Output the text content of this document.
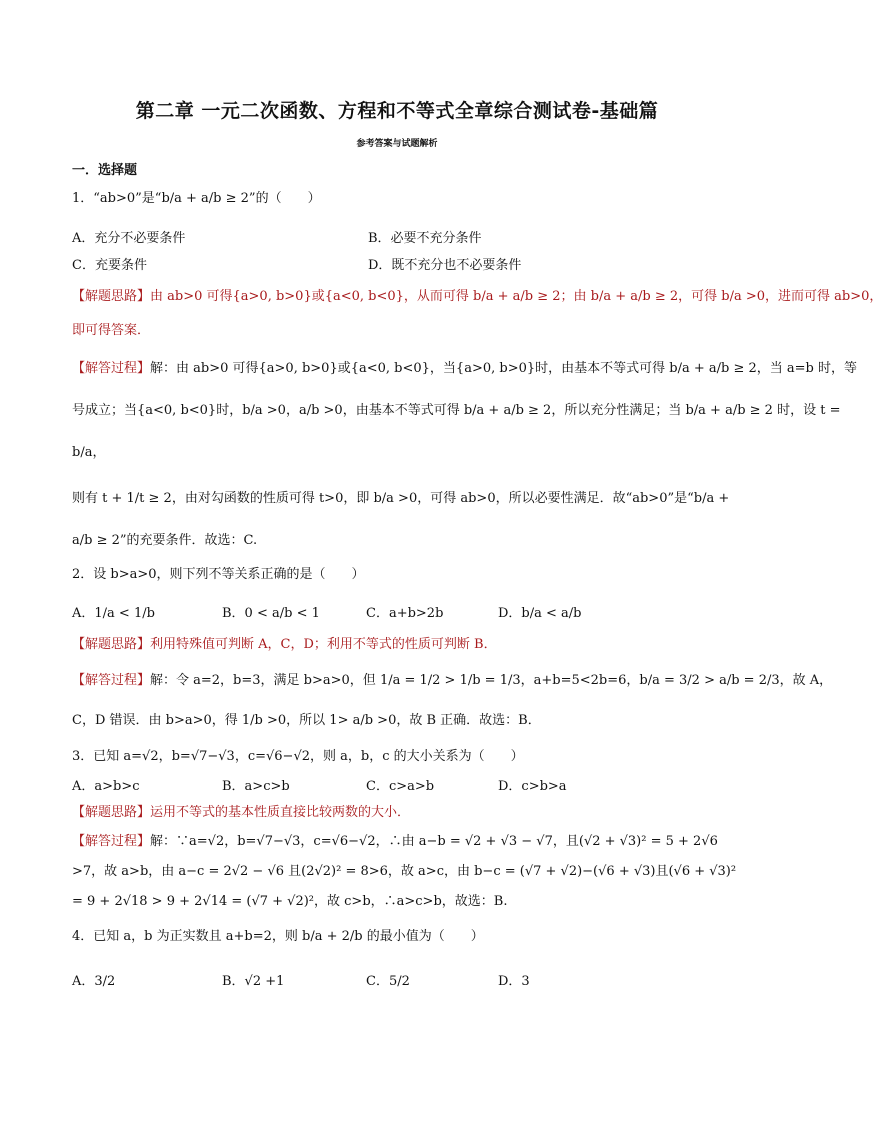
第二章 一元二次函数、方程和不等式全章综合测试卷-基础篇
参考答案与试题解析
一．选择题
1．“ab>0”是“b/a + a/b ≥ 2”的（　　）
A．充分不必要条件	B．必要不充分条件
C．充要条件	D．既不充分也不必要条件
【解题思路】由 ab>0 可得{a>0, b>0}或{a<0, b<0}，从而可得 b/a + a/b ≥ 2；由 b/a + a/b ≥ 2，可得 b/a >0，进而可得 ab>0，
即可得答案．
【解答过程】解：由 ab>0 可得{a>0, b>0}或{a<0, b<0}，当{a>0, b>0}时，由基本不等式可得 b/a + a/b ≥ 2，当 a=b 时，等
号成立；当{a<0, b<0}时，b/a >0，a/b >0，由基本不等式可得 b/a + a/b ≥ 2，所以充分性满足；当 b/a + a/b ≥ 2 时，设 t =
b/a，
则有 t + 1/t ≥ 2，由对勾函数的性质可得 t>0，即 b/a >0，可得 ab>0，所以必要性满足．故“ab>0”是“b/a +
a/b ≥ 2”的充要条件．故选：C.
2．设 b>a>0，则下列不等关系正确的是（　　）
A．1/a < 1/b	B．0 < a/b < 1	C．a+b>2b	D．b/a < a/b
【解题思路】利用特殊值可判断 A，C，D；利用不等式的性质可判断 B．
【解答过程】解：令 a=2，b=3，满足 b>a>0，但 1/a = 1/2 > 1/b = 1/3，a+b=5<2b=6，b/a = 3/2 > a/b = 2/3，故 A，
C，D 错误．由 b>a>0，得 1/b >0，所以 1> a/b >0，故 B 正确．故选：B．
3．已知 a=√2，b=√7−√3，c=√6−√2，则 a，b，c 的大小关系为（　　）
A．a>b>c	B．a>c>b	C．c>a>b	D．c>b>a
【解题思路】运用不等式的基本性质直接比较两数的大小．
【解答过程】解：∵a=√2，b=√7−√3，c=√6−√2，∴由 a−b = √2 + √3 − √7，且(√2 + √3)² = 5 + 2√6
>7，故 a>b，由 a−c = 2√2 − √6 且(2√2)² = 8>6，故 a>c，由 b−c = (√7 + √2)−(√6 + √3)且(√6 + √3)²
= 9 + 2√18 > 9 + 2√14 = (√7 + √2)²，故 c>b，∴a>c>b，故选：B.
4．已知 a，b 为正实数且 a+b=2，则 b/a + 2/b 的最小值为（　　）
A．3/2	B．√2 +1	C．5/2	D．3
